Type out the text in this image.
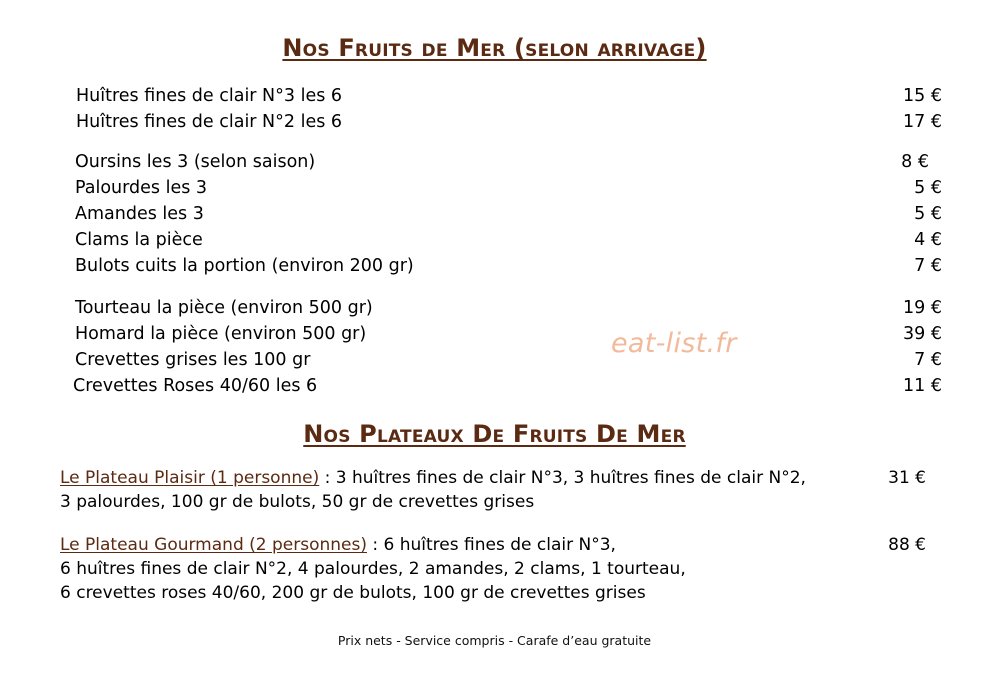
Nos Fruits de Mer (selon arrivage)
Huîtres fines de clair N°3 les 6	15 €
Huîtres fines de clair N°2 les 6	17 €
Oursins les 3 (selon saison)	8 €
Palourdes les 3	5 €
Amandes les 3	5 €
Clams la pièce	4 €
Bulots cuits la portion (environ 200 gr)	7 €
Tourteau la pièce (environ 500 gr)	19 €
Homard la pièce (environ 500 gr)	39 €
Crevettes grises les 100 gr	7 €
Crevettes Roses 40/60 les 6	11 €
eat-list.fr
Nos Plateaux De Fruits De Mer
Le Plateau Plaisir (1 personne) : 3 huîtres fines de clair N°3, 3 huîtres fines de clair N°2,
3 palourdes, 100 gr de bulots, 50 gr de crevettes grises
31 €
Le Plateau Gourmand (2 personnes) : 6 huîtres fines de clair N°3,
6 huîtres fines de clair N°2, 4 palourdes, 2 amandes, 2 clams, 1 tourteau,
6 crevettes roses 40/60, 200 gr de bulots, 100 gr de crevettes grises
88 €
Prix nets - Service compris - Carafe d’eau gratuite
